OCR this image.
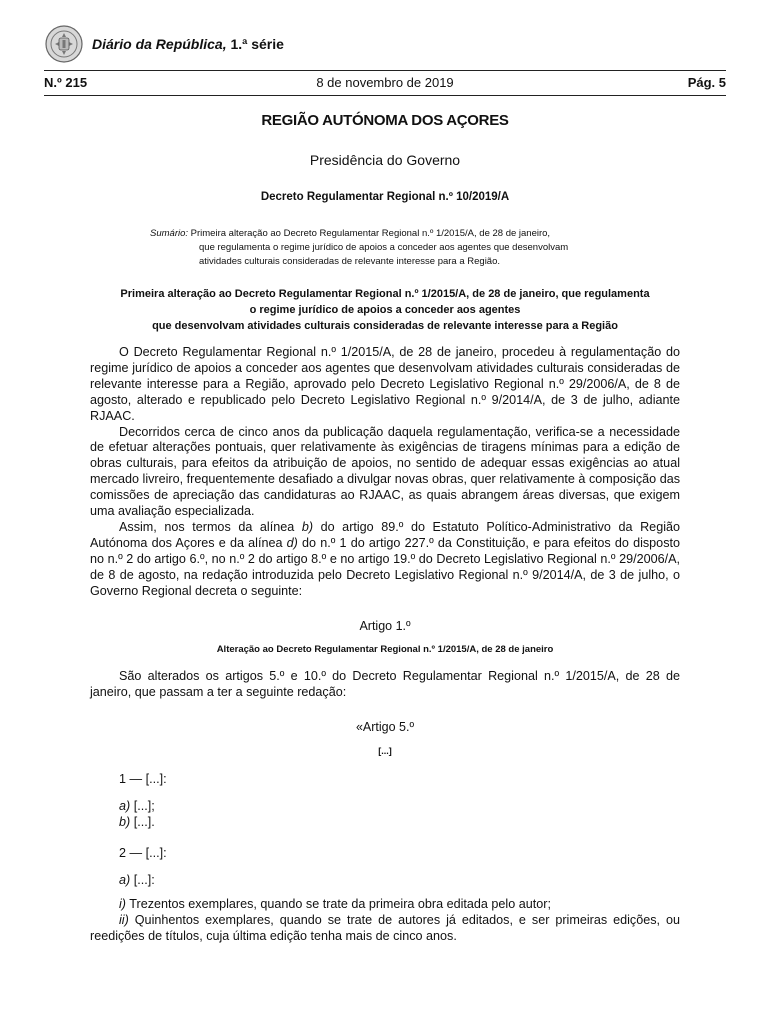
Diário da República, 1.ª série
N.º 215	8 de novembro de 2019	Pág. 5
REGIÃO AUTÓNOMA DOS AÇORES
Presidência do Governo
Decreto Regulamentar Regional n.º 10/2019/A
Sumário: Primeira alteração ao Decreto Regulamentar Regional n.º 1/2015/A, de 28 de janeiro,
que regulamenta o regime jurídico de apoios a conceder aos agentes que desenvolvam
atividades culturais consideradas de relevante interesse para a Região.
Primeira alteração ao Decreto Regulamentar Regional n.º 1/2015/A, de 28 de janeiro, que regulamenta
o regime jurídico de apoios a conceder aos agentes
que desenvolvam atividades culturais consideradas de relevante interesse para a Região

O Decreto Regulamentar Regional n.º 1/2015/A, de 28 de janeiro, procedeu à regulamentação do regime jurídico de apoios a conceder aos agentes que desenvolvam atividades culturais consideradas de relevante interesse para a Região, aprovado pelo Decreto Legislativo Regional n.º 29/2006/A, de 8 de agosto, alterado e republicado pelo Decreto Legislativo Regional n.º 9/2014/A, de 3 de julho, adiante RJAAC.

Decorridos cerca de cinco anos da publicação daquela regulamentação, verifica-se a necessidade de efetuar alterações pontuais, quer relativamente às exigências de tiragens mínimas para a edição de obras culturais, para efeitos da atribuição de apoios, no sentido de adequar essas exigências ao atual mercado livreiro, frequentemente desafiado a divulgar novas obras, quer relativamente à composição das comissões de apreciação das candidaturas ao RJAAC, as quais abrangem áreas diversas, que exigem uma avaliação especializada.

Assim, nos termos da alínea b) do artigo 89.º do Estatuto Político-Administrativo da Região Autónoma dos Açores e da alínea d) do n.º 1 do artigo 227.º da Constituição, e para efeitos do disposto no n.º 2 do artigo 6.º, no n.º 2 do artigo 8.º e no artigo 19.º do Decreto Legislativo Regional n.º 29/2006/A, de 8 de agosto, na redação introduzida pelo Decreto Legislativo Regional n.º 9/2014/A, de 3 de julho, o Governo Regional decreta o seguinte:

Artigo 1.º
Alteração ao Decreto Regulamentar Regional n.º 1/2015/A, de 28 de janeiro
São alterados os artigos 5.º e 10.º do Decreto Regulamentar Regional n.º 1/2015/A, de 28 de janeiro, que passam a ter a seguinte redação:
«Artigo 5.º
[...]
1 — [...]:
a) [...];
b) [...].
2 — [...]:
a) [...]:
i) Trezentos exemplares, quando se trate da primeira obra editada pelo autor;
ii) Quinhentos exemplares, quando se trate de autores já editados, e ser primeiras edições, ou reedições de títulos, cuja última edição tenha mais de cinco anos.
